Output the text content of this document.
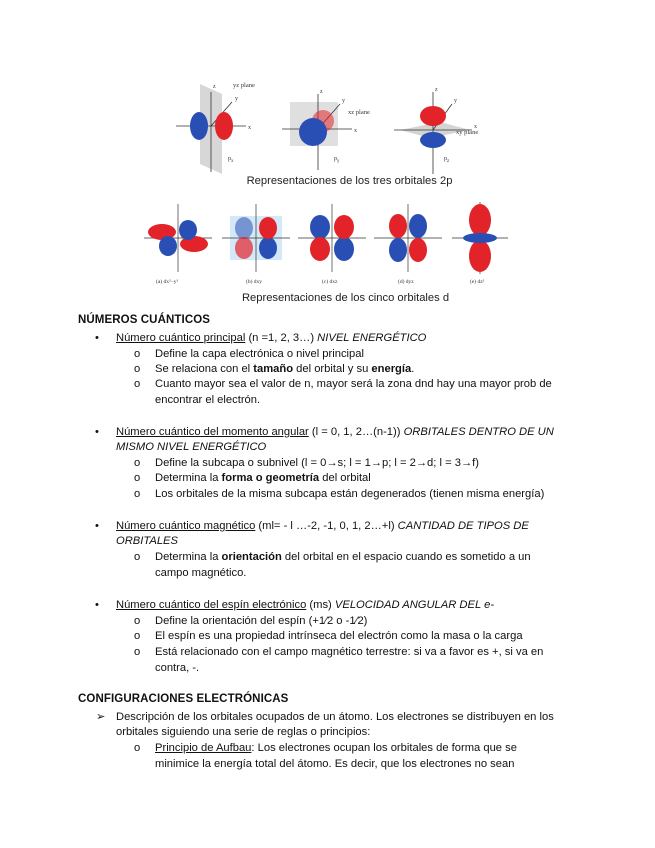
yz plane
z
y
x
$p_x$
xz plane
z
y
x
$p_y$
xy plane
z
y
x
$p_z$
Representaciones de los tres orbitales 2p
(a) dx²−y²	(b) dxy	(c) dxz	(d) dyz	(e) dz²
Representaciones de los cinco orbitales d
NÚMEROS CUÁNTICOS
•
Número cuántico principal (n =1, 2, 3…) NIVEL ENERGÉTICO
o Define la capa electrónica o nivel principal
o Se relaciona con el tamaño del orbital y su energía.
o Cuanto mayor sea el valor de n, mayor será la zona dnd hay una mayor prob de
encontrar el electrón.
•
Número cuántico del momento angular (l = 0, 1, 2…(n-1)) ORBITALES DENTRO DE UN
MISMO NIVEL ENERGÉTICO
o Define la subcapa o subnivel (l = 0→s; l = 1→p; l = 2→d; l = 3→f)
o Determina la forma o geometría del orbital
o Los orbitales de la misma subcapa están degenerados (tienen misma energía)
•
Número cuántico magnético (ml= - l …-2, -1, 0, 1, 2…+l) CANTIDAD DE TIPOS DE
ORBITALES
o Determina la orientación del orbital en el espacio cuando es sometido a un
campo magnético.
•
Número cuántico del espín electrónico (ms) VELOCIDAD ANGULAR DEL e-
o Define la orientación del espín (+1⁄2 o -1⁄2)
o El espín es una propiedad intrínseca del electrón como la masa o la carga
o Está relacionado con el campo magnético terrestre: si va a favor es +, si va en
contra, -.
CONFIGURACIONES ELECTRÓNICAS
➢ Descripción de los orbitales ocupados de un átomo. Los electrones se distribuyen en los
orbitales siguiendo una serie de reglas o principios:
o Principio de Aufbau: Los electrones ocupan los orbitales de forma que se
minimice la energía total del átomo. Es decir, que los electrones no sean
